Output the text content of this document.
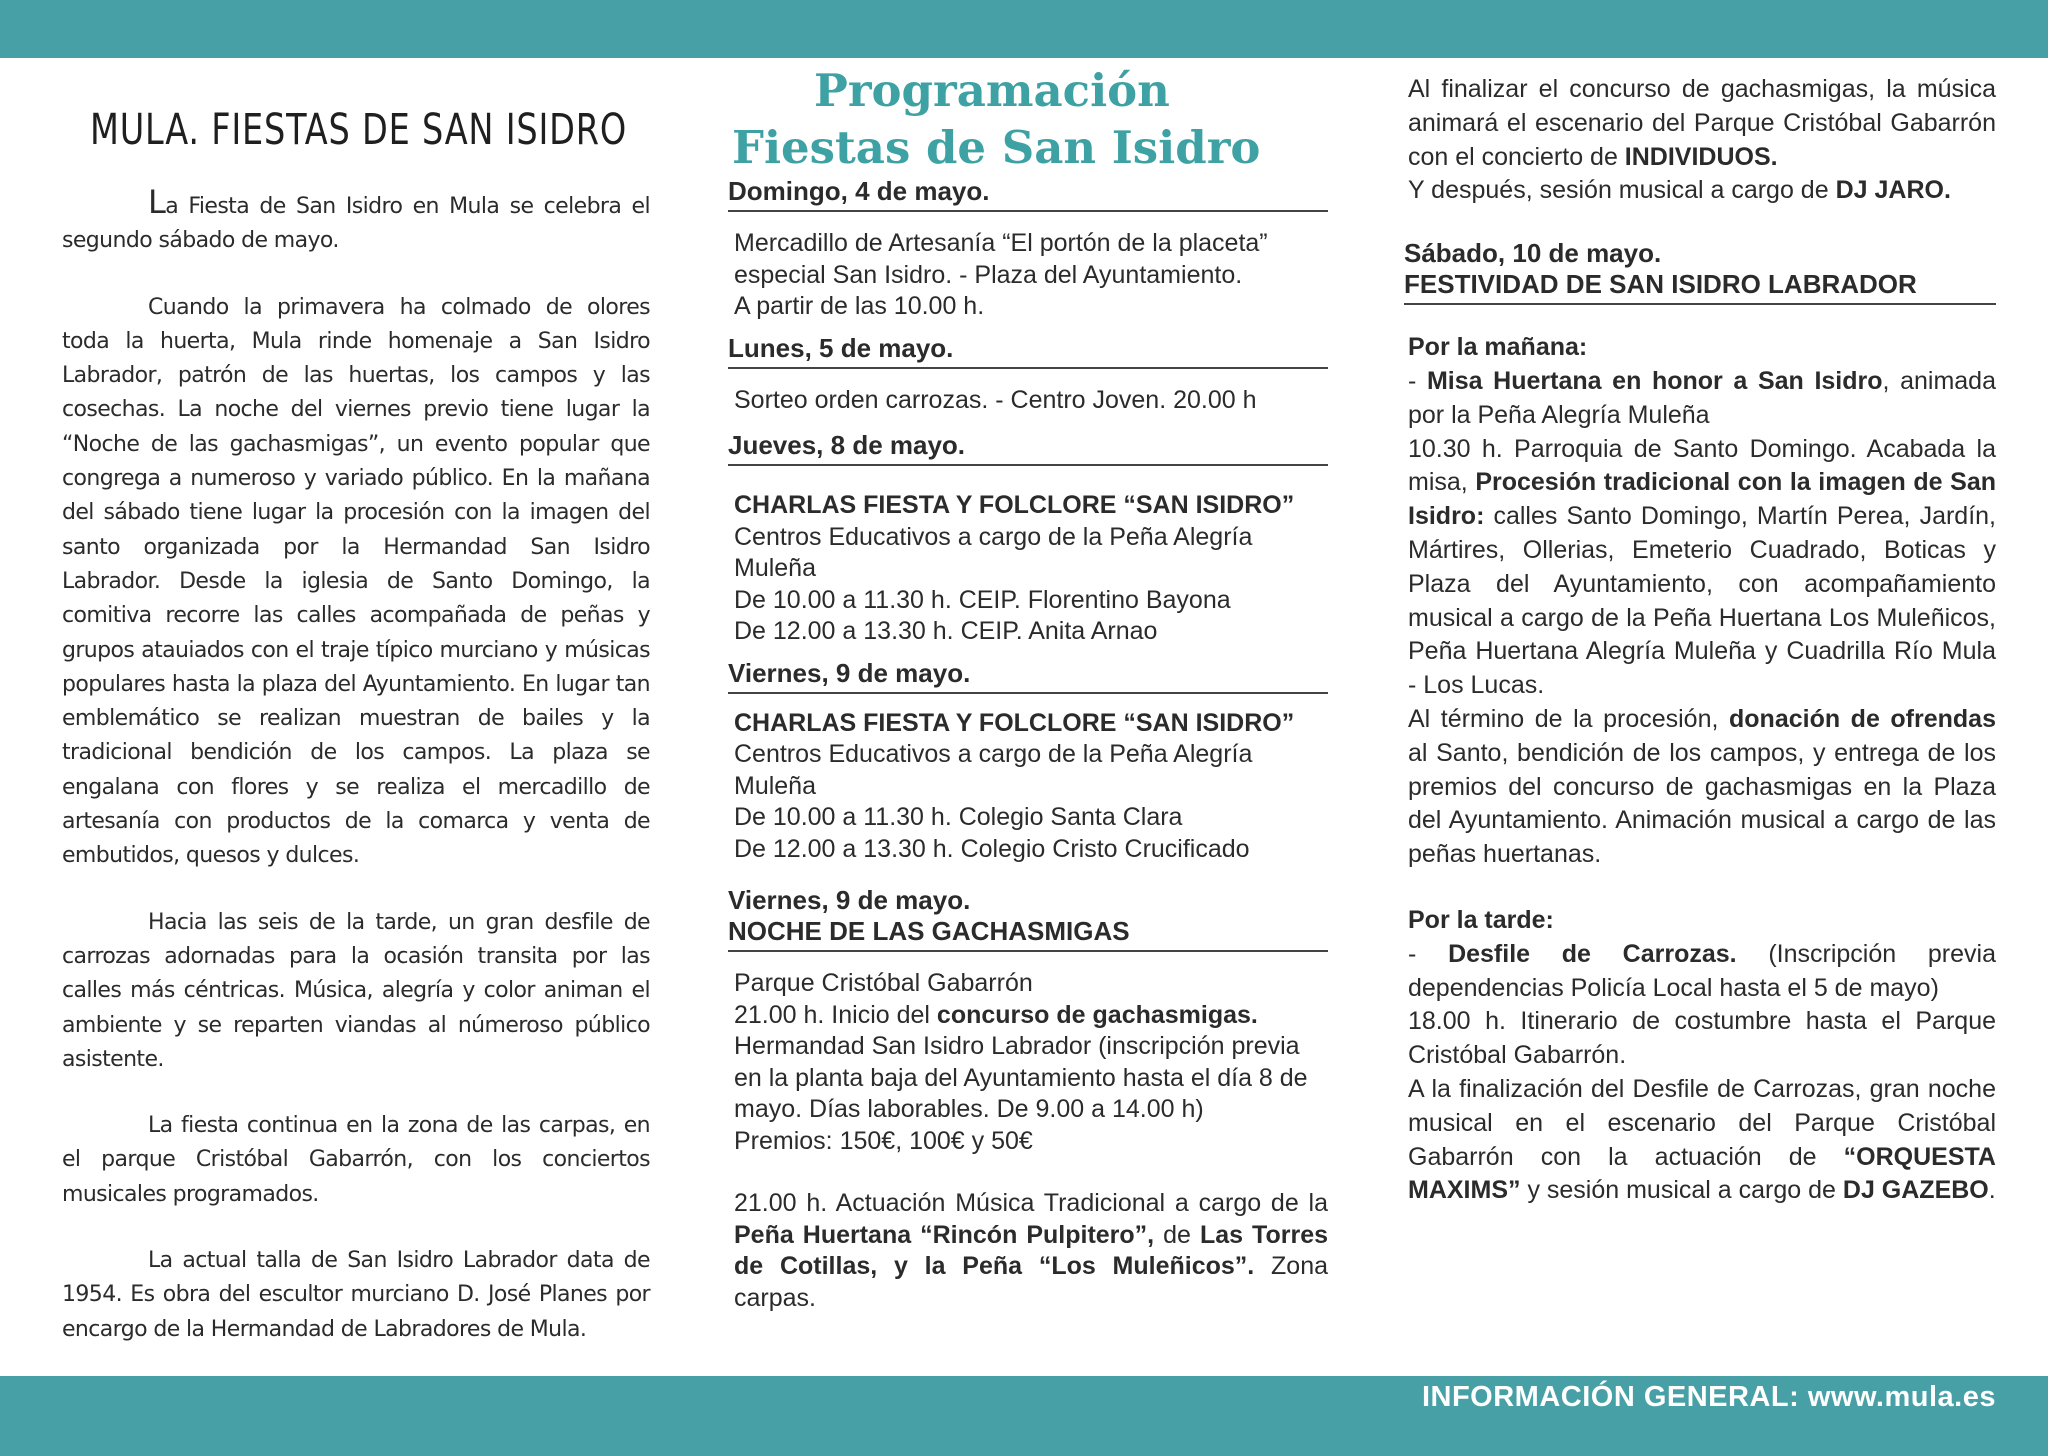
MULA. FIESTAS DE SAN ISIDRO

La Fiesta de San Isidro en Mula se celebra el segundo sábado de mayo.

Cuando la primavera ha colmado de olores toda la huerta, Mula rinde homenaje a San Isidro Labrador, patrón de las huertas, los campos y las cosechas. La noche del viernes previo tiene lugar la “Noche de las gachasmigas”, un evento popular que congrega a numeroso y variado público. En la mañana del sábado tiene lugar la procesión con la imagen del santo organizada por la Hermandad San Isidro Labrador. Desde la iglesia de Santo Domingo, la comitiva recorre las calles acompañada de peñas y grupos atauiados con el traje típico murciano y músicas populares hasta la plaza del Ayuntamiento. En lugar tan emblemático se realizan muestran de bailes y la tradicional bendición de los campos. La plaza se engalana con flores y se realiza el mercadillo de artesanía con productos de la comarca y venta de embutidos, quesos y dulces.

Hacia las seis de la tarde, un gran desfile de carrozas adornadas para la ocasión transita por las calles más céntricas. Música, alegría y color animan el ambiente y se reparten viandas al númeroso público asistente.

La fiesta continua en la zona de las carpas, en el parque Cristóbal Gabarrón, con los conciertos musicales programados.

La actual talla de San Isidro Labrador data de 1954. Es obra del escultor murciano D. José Planes por encargo de la Hermandad de Labradores de Mula.

Programación
Fiestas de San Isidro
Domingo, 4 de mayo.

Mercadillo de Artesanía “El portón de la placeta”

especial San Isidro. - Plaza del Ayuntamiento.

A partir de las 10.00 h.

Lunes, 5 de mayo.

Sorteo orden carrozas. - Centro Joven. 20.00 h

Jueves, 8 de mayo.

CHARLAS FIESTA Y FOLCLORE “SAN ISIDRO”

Centros Educativos a cargo de la Peña Alegría Muleña

De 10.00 a 11.30 h. CEIP. Florentino Bayona

De 12.00 a 13.30 h. CEIP. Anita Arnao

Viernes, 9 de mayo.

CHARLAS FIESTA Y FOLCLORE “SAN ISIDRO”

Centros Educativos a cargo de la Peña Alegría Muleña

De 10.00 a 11.30 h. Colegio Santa Clara

De 12.00 a 13.30 h. Colegio Cristo Crucificado

Viernes, 9 de mayo.
NOCHE DE LAS GACHASMIGAS

Parque Cristóbal Gabarrón

21.00 h. Inicio del concurso de gachasmigas.

Hermandad San Isidro Labrador (inscripción previa en la planta baja del Ayuntamiento hasta el día 8 de mayo. Días laborables. De 9.00 a 14.00 h)

Premios: 150€, 100€ y 50€

21.00 h. Actuación Música Tradicional a cargo de la Peña Huertana “Rincón Pulpitero”, de Las Torres de Cotillas, y la Peña “Los Muleñicos”. Zona carpas.

Al finalizar el concurso de gachasmigas, la música animará el escenario del Parque Cristóbal Gabarrón con el concierto de INDIVIDUOS.

Y después, sesión musical a cargo de DJ JARO.

Sábado, 10 de mayo.
FESTIVIDAD DE SAN ISIDRO LABRADOR

Por la mañana:

- Misa Huertana en honor a San Isidro, animada por la Peña Alegría Muleña

10.30 h. Parroquia de Santo Domingo. Acabada la misa, Procesión tradicional con la imagen de San Isidro: calles Santo Domingo, Martín Perea, Jardín, Mártires, Ollerias, Emeterio Cuadrado, Boticas y Plaza del Ayuntamiento, con acompañamiento musical a cargo de la Peña Huertana Los Muleñicos, Peña Huertana Alegría Muleña y Cuadrilla Río Mula - Los Lucas.

Al término de la procesión, donación de ofrendas al Santo, bendición de los campos, y entrega de los premios del concurso de gachasmigas en la Plaza del Ayuntamiento. Animación musical a cargo de las peñas huertanas.

Por la tarde:

- Desfile de Carrozas. (Inscripción previa dependencias Policía Local hasta el 5 de mayo)

18.00 h. Itinerario de costumbre hasta el Parque Cristóbal Gabarrón.

A la finalización del Desfile de Carrozas, gran noche musical en el escenario del Parque Cristóbal Gabarrón con la actuación de “ORQUESTA MAXIMS” y sesión musical a cargo de DJ GAZEBO.

INFORMACIÓN GENERAL: www.mula.es
